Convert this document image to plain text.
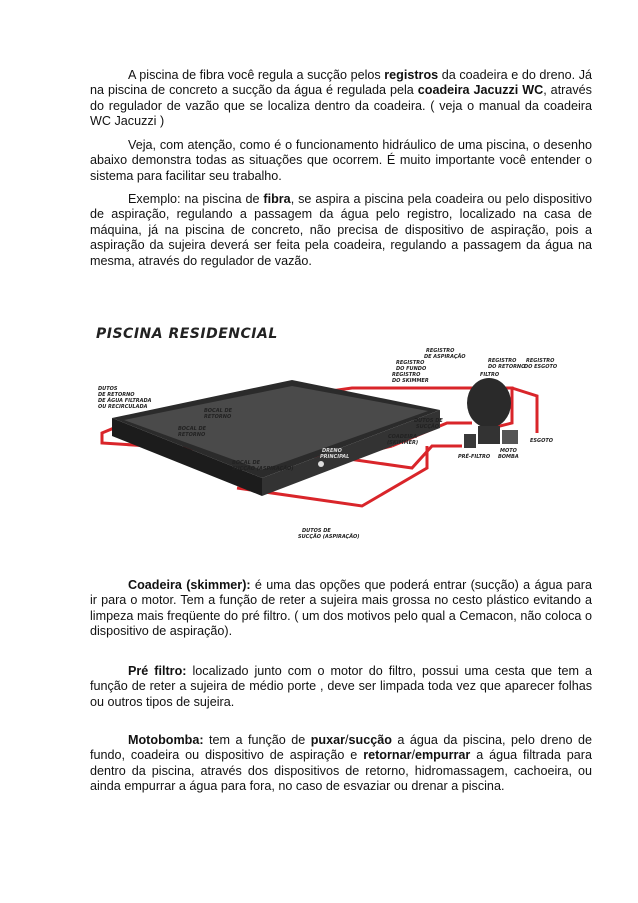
A piscina de fibra você regula a sucção pelos registros da coadeira e do dreno. Já na piscina de concreto a sucção da água é regulada pela coadeira Jacuzzi WC, através do regulador de vazão que se localiza dentro da coadeira. ( veja o manual da coadeira WC Jacuzzi )

Veja, com atenção, como é o funcionamento hidráulico de uma piscina, o desenho abaixo demonstra todas as situações que ocorrem. É muito importante você entender o sistema para facilitar seu trabalho.

Exemplo: na piscina de fibra, se aspira a piscina pela coadeira ou pelo dispositivo de aspiração, regulando a passagem da água pelo registro, localizado na casa de máquina, já na piscina de concreto, não precisa de dispositivo de aspiração, pois a aspiração da sujeira deverá ser feita pela coadeira, regulando a passagem da água na mesma, através do regulador de vazão.

PISCINA RESIDENCIAL
DUTOS
DE RETORNO
DE ÁGUA FILTRADA
OU RECIRCULADA
BOCAL DE
RETORNO
BOCAL DE
RETORNO
BOCAL DE
SUCÇÃO (ASPIRAÇÃO)
DRENO
PRINCIPAL
COADEIRA
(SKIMMER)
DUTOS DE
SUCÇÃO
DUTOS DE
SUCÇÃO (ASPIRAÇÃO)
REGISTRO
DO FUNDO
REGISTRO
DO SKIMMER
REGISTRO
DE ASPIRAÇÃO
REGISTRO
DO RETORNO
REGISTRO
DO ESGOTO
FILTRO
PRÉ-FILTRO
MOTO
BOMBA
ESGOTO

Coadeira (skimmer): é uma das opções que poderá entrar (sucção) a água para ir para o motor. Tem a função de reter a sujeira mais grossa no cesto plástico evitando a limpeza mais freqüente do pré filtro. ( um dos motivos pelo qual a Cemacon, não coloca o dispositivo de aspiração).

Pré filtro: localizado junto com o motor do filtro, possui uma cesta que tem a função de reter a sujeira de médio porte , deve ser limpada toda vez que aparecer folhas ou outros tipos de sujeira.

Motobomba: tem a função de puxar/sucção a água da piscina, pelo dreno de fundo, coadeira ou dispositivo de aspiração e retornar/empurrar a água filtrada para dentro da piscina, através dos dispositivos de retorno, hidromassagem, cachoeira, ou ainda empurrar a água para fora, no caso de esvaziar ou drenar a piscina.
